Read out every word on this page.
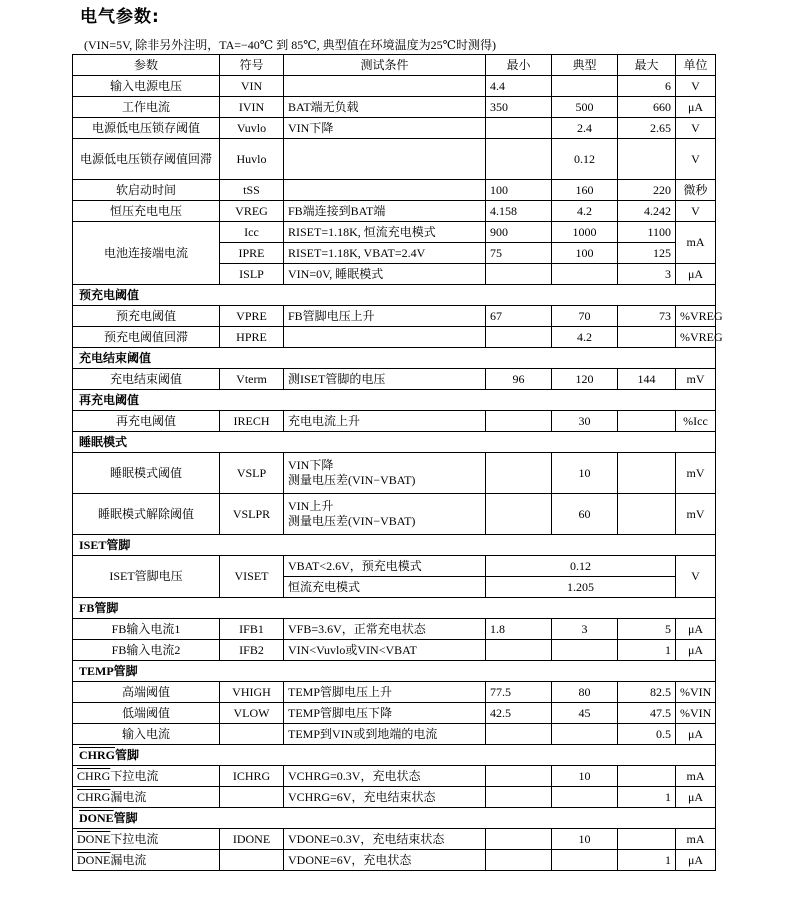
电气参数:
(VIN=5V, 除非另外注明，TA=−40℃ 到 85℃, 典型值在环境温度为25℃时测得)
参数	符号	测试条件	最小	典型	最大	单位
输入电源电压	VIN		4.4		6	V
工作电流	IVIN	BAT端无负载	350	500	660	μA
电源低电压锁存阈值	Vuvlo	VIN下降		2.4	2.65	V
电源低电压锁存阈值回滞	Huvlo			0.12		V
软启动时间	tSS		100	160	220	微秒
恒压充电电压	VREG	FB端连接到BAT端	4.158	4.2	4.242	V
电池连接端电流	Icc	RISET=1.18K, 恒流充电模式	900	1000	1100	mA
	IPRE	RISET=1.18K, VBAT=2.4V	75	100	125	
	ISLP	VIN=0V, 睡眠模式			3	μA
预充电阈值						
预充电阈值	VPRE	FB管脚电压上升	67	70	73	%VREG
预充电阈值回滞	HPRE			4.2		%VREG
充电结束阈值						
充电结束阈值	Vterm	测ISET管脚的电压	96	120	144	mV
再充电阈值						
再充电阈值	IRECH	充电电流上升		30		%Icc
睡眠模式						
睡眠模式阈值	VSLP	VIN下降
测量电压差(VIN−VBAT)		10		mV
睡眠模式解除阈值	VSLPR	VIN上升
测量电压差(VIN−VBAT)		60		mV
ISET管脚						
ISET管脚电压	VISET	VBAT<2.6V，预充电模式	0.12			V
		恒流充电模式	1.205			
FB管脚						
FB输入电流1	IFB1	VFB=3.6V，正常充电状态	1.8	3	5	μA
FB输入电流2	IFB2	VIN<Vuvlo或VIN<VBAT			1	μA
TEMP管脚						
高端阈值	VHIGH	TEMP管脚电压上升	77.5	80	82.5	%VIN
低端阈值	VLOW	TEMP管脚电压下降	42.5	45	47.5	%VIN
输入电流		TEMP到VIN或到地端的电流			0.5	μA
CHRG管脚						
CHRG下拉电流	ICHRG	VCHRG=0.3V，充电状态		10		mA
CHRG漏电流		VCHRG=6V，充电结束状态			1	μA
DONE管脚						
DONE下拉电流	IDONE	VDONE=0.3V，充电结束状态		10		mA
DONE漏电流		VDONE=6V，充电状态			1	μA
